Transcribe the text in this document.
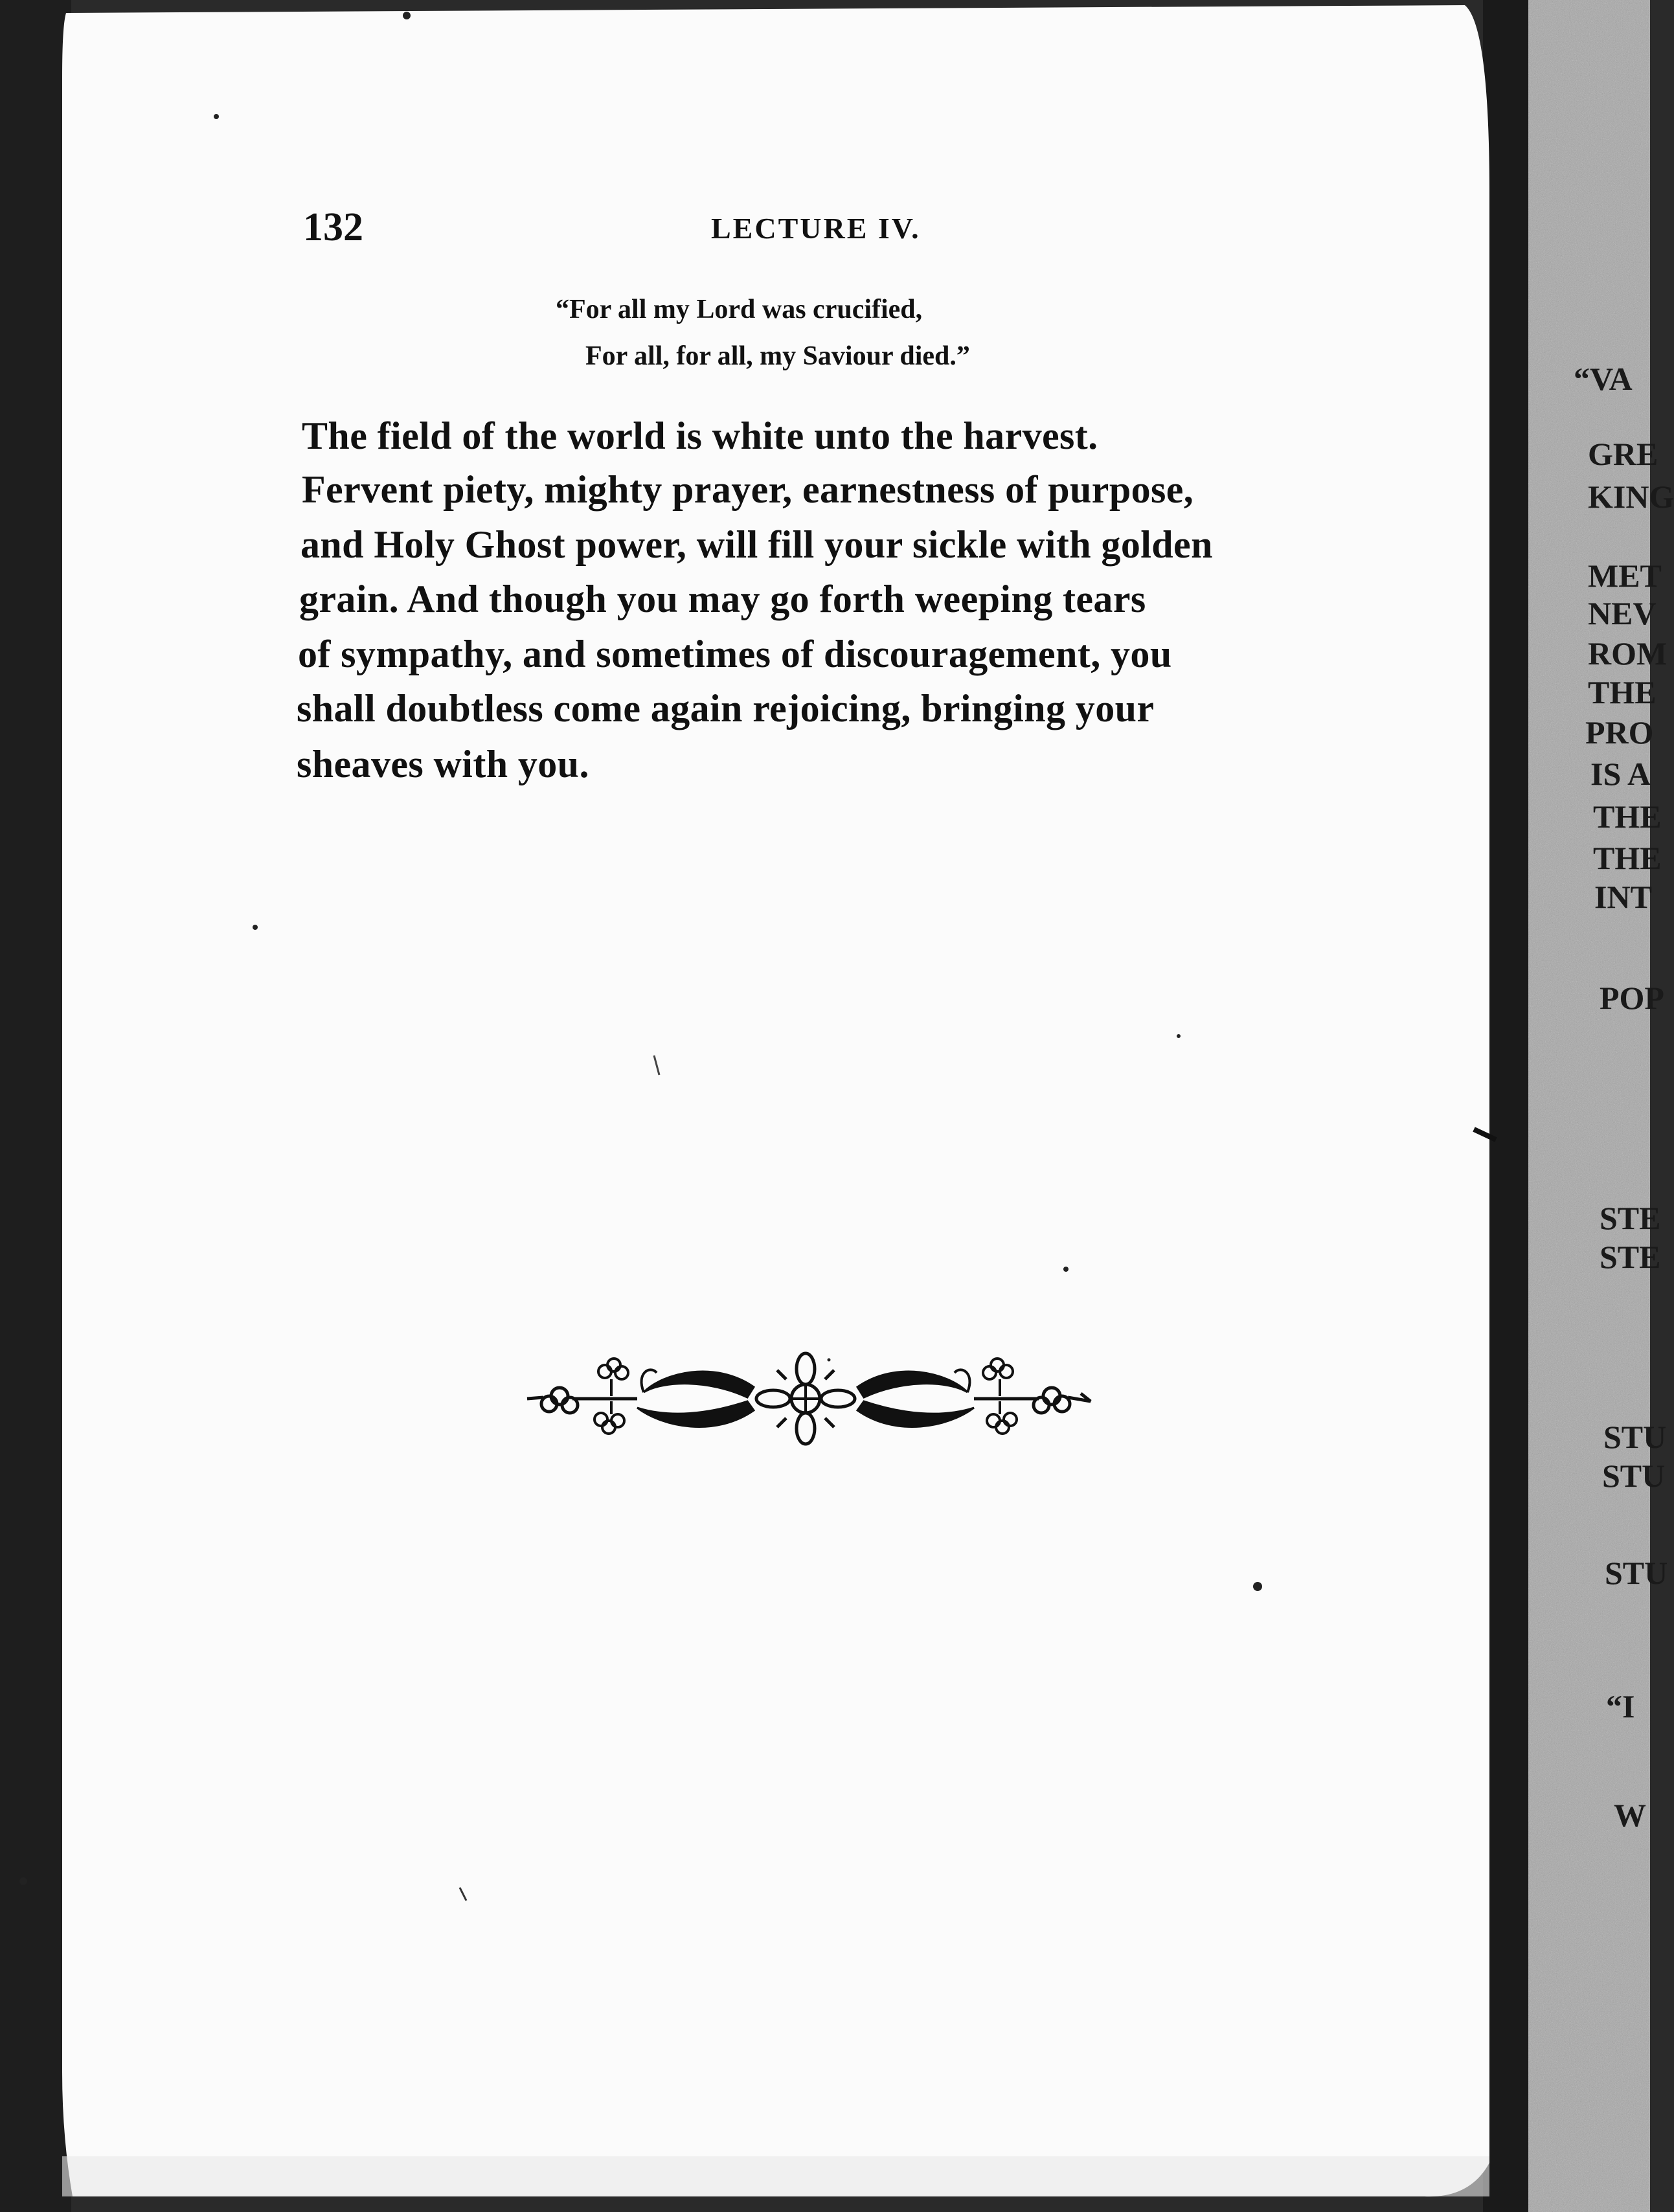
132	LECTURE IV.
“For all my Lord was crucified,
For all, for all, my Saviour died.”
The field of the world is white unto the harvest.
Fervent piety, mighty prayer, earnestness of purpose,
and Holy Ghost power, will fill your sickle with golden
grain. And though you may go forth weeping tears
of sympathy, and sometimes of discouragement, you
shall doubtless come again rejoicing, bringing your
sheaves with you.
“VA
GRE
KING
MET
NEV
ROM
THE
PRO
IS A
THE
THE
INT
POP
STE
STE
STU
STU
STU
“I
W
